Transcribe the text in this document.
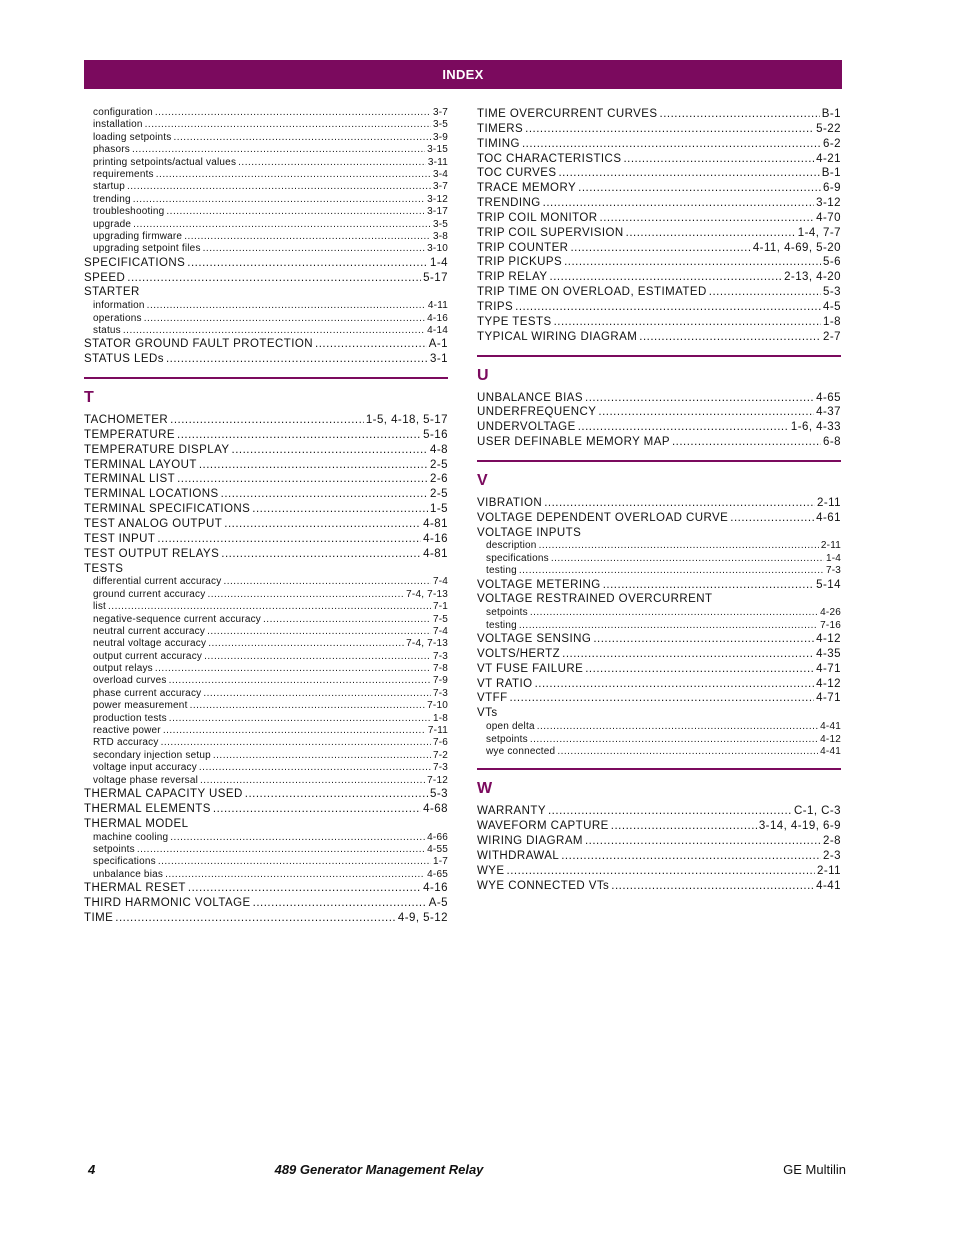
INDEX
configuration .....	3-7
installation .....	3-5
loading setpoints .....	3-9
phasors .....	3-15
printing setpoints/actual values .....	3-11
requirements .....	3-4
startup .....	3-7
trending .....	3-12
troubleshooting .....	3-17
upgrade .....	3-5
upgrading firmware .....	3-8
upgrading setpoint files .....	3-10
SPECIFICATIONS .....	1-4
SPEED .....	5-17
STARTER
information .....	4-11
operations .....	4-16
status .....	4-14
STATOR GROUND FAULT PROTECTION .....	A-1
STATUS LEDs .....	3-1
T
TACHOMETER .....	1-5, 4-18, 5-17
TEMPERATURE .....	5-16
TEMPERATURE DISPLAY .....	4-8
TERMINAL LAYOUT .....	2-5
TERMINAL LIST .....	2-6
TERMINAL LOCATIONS .....	2-5
TERMINAL SPECIFICATIONS .....	1-5
TEST ANALOG OUTPUT .....	4-81
TEST INPUT .....	4-16
TEST OUTPUT RELAYS .....	4-81
TESTS
differential current accuracy .....	7-4
ground current accuracy .....	7-4, 7-13
list .....	7-1
negative-sequence current accuracy .....	7-5
neutral current accuracy .....	7-4
neutral voltage accuracy .....	7-4, 7-13
output current accuracy .....	7-3
output relays .....	7-8
overload curves .....	7-9
phase current accuracy .....	7-3
power measurement .....	7-10
production tests .....	1-8
reactive power .....	7-11
RTD accuracy .....	7-6
secondary injection setup .....	7-2
voltage input accuracy .....	7-3
voltage phase reversal .....	7-12
THERMAL CAPACITY USED .....	5-3
THERMAL ELEMENTS .....	4-68
THERMAL MODEL
machine cooling .....	4-66
setpoints .....	4-55
specifications .....	1-7
unbalance bias .....	4-65
THERMAL RESET .....	4-16
THIRD HARMONIC VOLTAGE .....	A-5
TIME .....	4-9, 5-12
TIME OVERCURRENT CURVES .....	B-1
TIMERS .....	5-22
TIMING .....	6-2
TOC CHARACTERISTICS .....	4-21
TOC CURVES .....	B-1
TRACE MEMORY .....	6-9
TRENDING .....	3-12
TRIP COIL MONITOR .....	4-70
TRIP COIL SUPERVISION .....	1-4, 7-7
TRIP COUNTER .....	4-11, 4-69, 5-20
TRIP PICKUPS .....	5-6
TRIP RELAY .....	2-13, 4-20
TRIP TIME ON OVERLOAD, ESTIMATED .....	5-3
TRIPS .....	4-5
TYPE TESTS .....	1-8
TYPICAL WIRING DIAGRAM .....	2-7
U
UNBALANCE BIAS .....	4-65
UNDERFREQUENCY .....	4-37
UNDERVOLTAGE .....	1-6, 4-33
USER DEFINABLE MEMORY MAP .....	6-8
V
VIBRATION .....	2-11
VOLTAGE DEPENDENT OVERLOAD CURVE .....	4-61
VOLTAGE INPUTS
description .....	2-11
specifications .....	1-4
testing .....	7-3
VOLTAGE METERING .....	5-14
VOLTAGE RESTRAINED OVERCURRENT
setpoints .....	4-26
testing .....	7-16
VOLTAGE SENSING .....	4-12
VOLTS/HERTZ .....	4-35
VT FUSE FAILURE .....	4-71
VT RATIO .....	4-12
VTFF .....	4-71
VTs
open delta .....	4-41
setpoints .....	4-12
wye connected .....	4-41
W
WARRANTY .....	C-1, C-3
WAVEFORM CAPTURE .....	3-14, 4-19, 6-9
WIRING DIAGRAM .....	2-8
WITHDRAWAL .....	2-3
WYE .....	2-11
WYE CONNECTED VTs .....	4-41
4	489 Generator Management Relay	GE Multilin
